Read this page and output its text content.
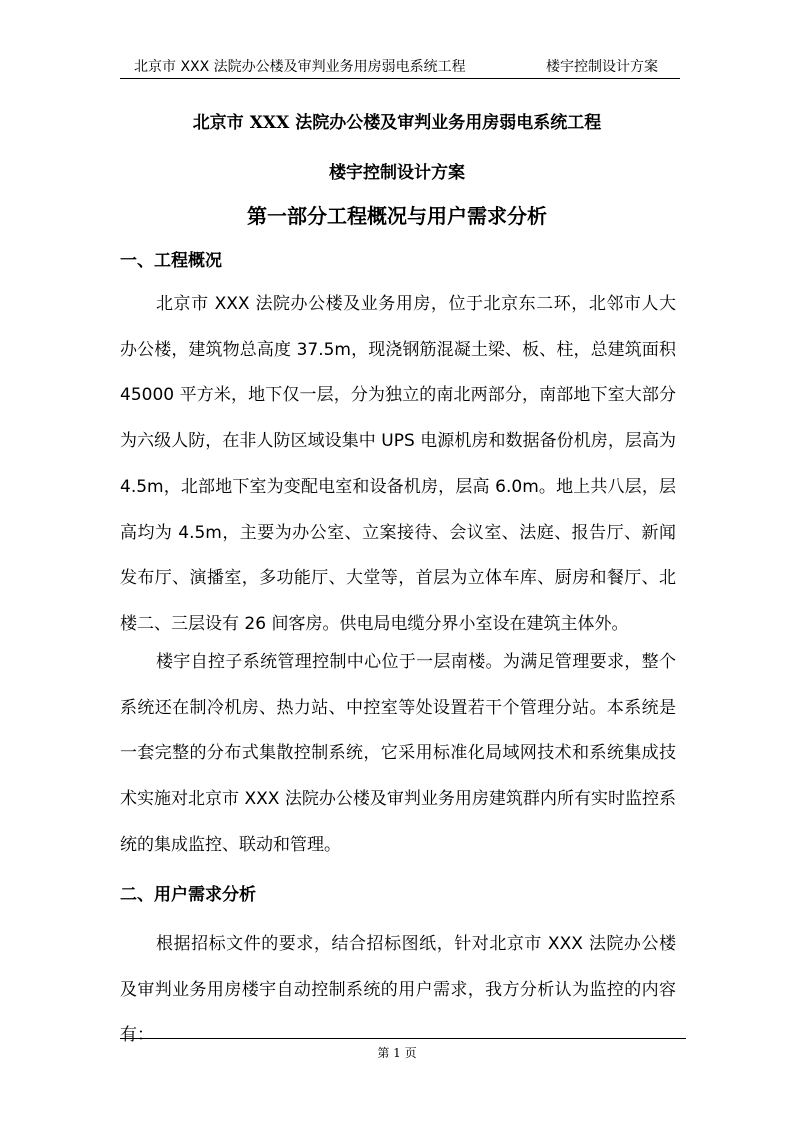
北京市 XXX 法院办公楼及审判业务用房弱电系统工程	楼宇控制设计方案
北京市 XXX 法院办公楼及审判业务用房弱电系统工程
楼宇控制设计方案
第一部分工程概况与用户需求分析
一、工程概况

北京市 XXX 法院办公楼及业务用房，位于北京东二环，北邻市人大办公楼，建筑物总高度 37.5m，现浇钢筋混凝土梁、板、柱，总建筑面积 45000 平方米，地下仅一层，分为独立的南北两部分，南部地下室大部分为六级人防，在非人防区域设集中 UPS 电源机房和数据备份机房，层高为 4.5m，北部地下室为变配电室和设备机房，层高 6.0m。地上共八层，层高均为 4.5m，主要为办公室、立案接待、会议室、法庭、报告厅、新闻发布厅、演播室，多功能厅、大堂等，首层为立体车库、厨房和餐厅、北楼二、三层设有 26 间客房。供电局电缆分界小室设在建筑主体外。

楼宇自控子系统管理控制中心位于一层南楼。为满足管理要求，整个系统还在制冷机房、热力站、中控室等处设置若干个管理分站。本系统是一套完整的分布式集散控制系统，它采用标准化局域网技术和系统集成技术实施对北京市 XXX 法院办公楼及审判业务用房建筑群内所有实时监控系统的集成监控、联动和管理。

二、用户需求分析

根据招标文件的要求，结合招标图纸，针对北京市 XXX 法院办公楼及审判业务用房楼宇自动控制系统的用户需求，我方分析认为监控的内容有：

第 1 页
